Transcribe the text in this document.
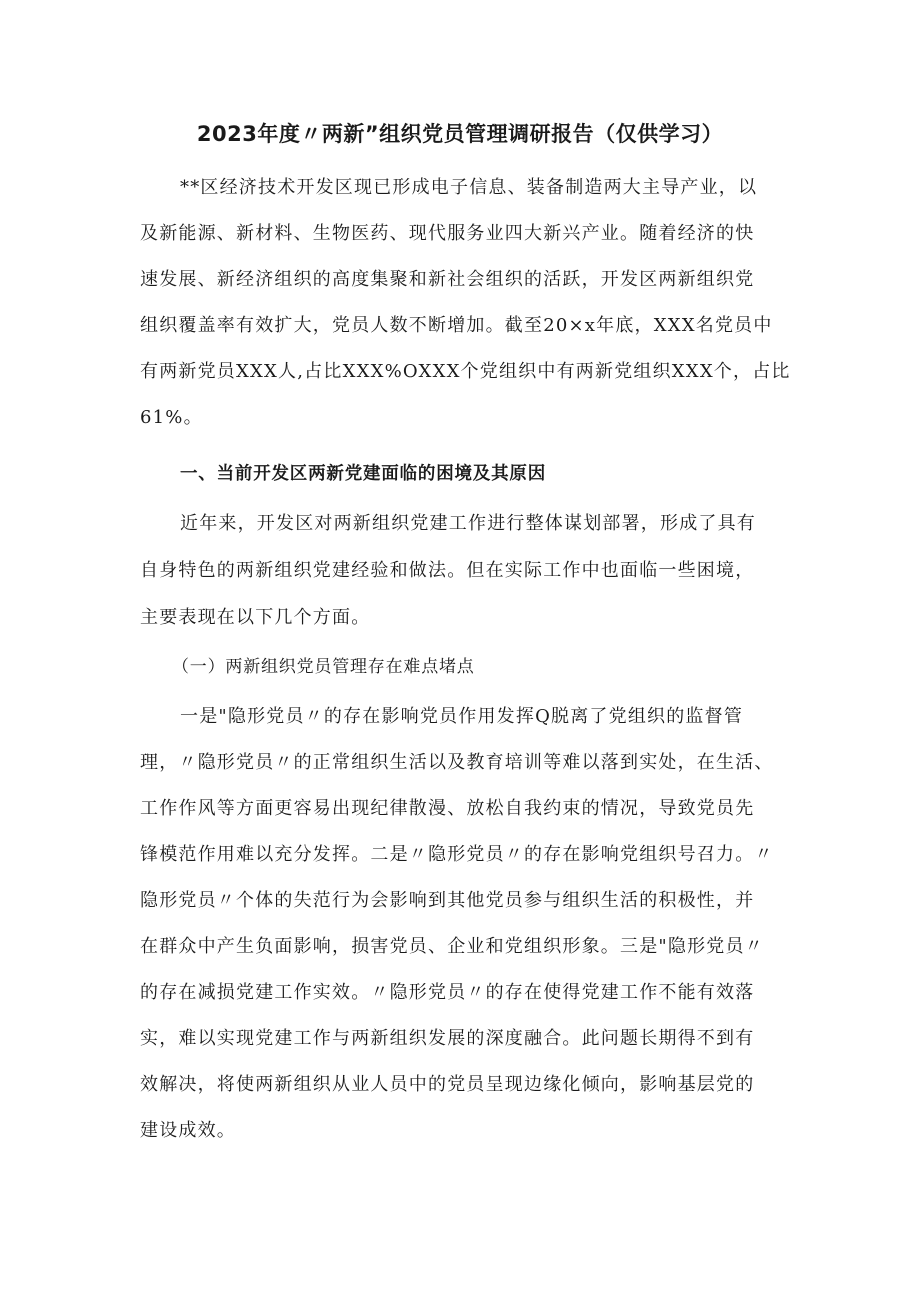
2023年度〃两新”组织党员管理调研报告（仅供学习）

**区经济技术开发区现已形成电子信息、装备制造两大主导产业，以

及新能源、新材料、生物医药、现代服务业四大新兴产业。随着经济的快

速发展、新经济组织的高度集聚和新社会组织的活跃，开发区两新组织党

组织覆盖率有效扩大，党员人数不断增加。截至20×x年底，XXX名党员中

有两新党员XXX人,占比XXX%OXXX个党组织中有两新党组织XXX个，占比

61%。

一、当前开发区两新党建面临的困境及其原因

近年来，开发区对两新组织党建工作进行整体谋划部署，形成了具有

自身特色的两新组织党建经验和做法。但在实际工作中也面临一些困境，

主要表现在以下几个方面。

（一）两新组织党员管理存在难点堵点

一是"隐形党员〃的存在影响党员作用发挥Q脱离了党组织的监督管

理，〃隐形党员〃的正常组织生活以及教育培训等难以落到实处，在生活、

工作作风等方面更容易出现纪律散漫、放松自我约束的情况，导致党员先

锋模范作用难以充分发挥。二是〃隐形党员〃的存在影响党组织号召力。〃

隐形党员〃个体的失范行为会影响到其他党员参与组织生活的积极性，并

在群众中产生负面影响，损害党员、企业和党组织形象。三是"隐形党员〃

的存在减损党建工作实效。〃隐形党员〃的存在使得党建工作不能有效落

实，难以实现党建工作与两新组织发展的深度融合。此问题长期得不到有

效解决，将使两新组织从业人员中的党员呈现边缘化倾向，影响基层党的

建设成效。
